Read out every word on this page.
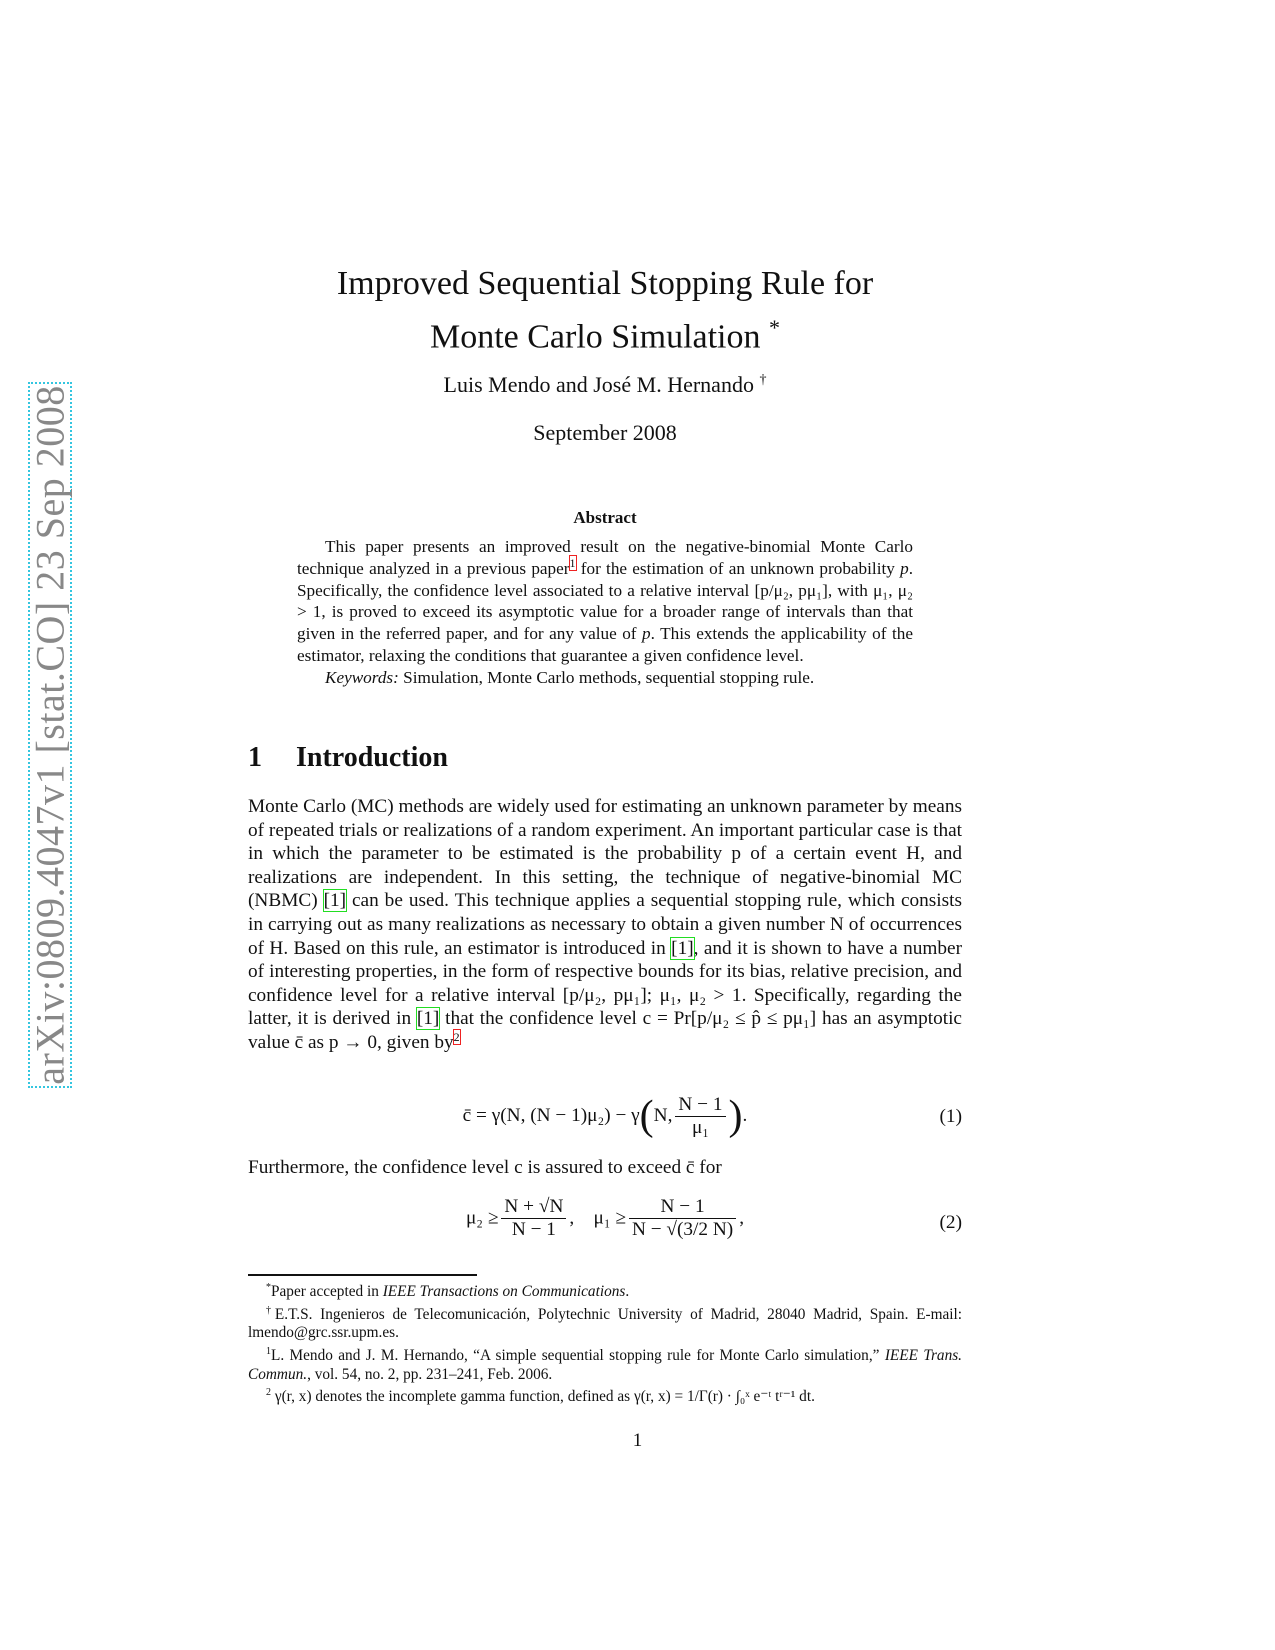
arXiv:0809.4047v1 [stat.CO] 23 Sep 2008
Improved Sequential Stopping Rule for
Monte Carlo Simulation *
Luis Mendo and José M. Hernando †
September 2008
Abstract

This paper presents an improved result on the negative-binomial Monte Carlo technique analyzed in a previous paper$^1$ for the estimation of an unknown probability p. Specifically, the confidence level associated to a relative interval [p/μ₂, pμ₁], with μ₁, μ₂ > 1, is proved to exceed its asymptotic value for a broader range of intervals than that given in the referred paper, and for any value of p. This extends the applicability of the estimator, relaxing the conditions that guarantee a given confidence level.

Keywords: Simulation, Monte Carlo methods, sequential stopping rule.

1 Introduction

Monte Carlo (MC) methods are widely used for estimating an unknown parameter by means of repeated trials or realizations of a random experiment. An important particular case is that in which the parameter to be estimated is the probability p of a certain event H, and realizations are independent. In this setting, the technique of negative-binomial MC (NBMC) [1] can be used. This technique applies a sequential stopping rule, which consists in carrying out as many realizations as necessary to obtain a given number N of occurrences of H. Based on this rule, an estimator is introduced in [1], and it is shown to have a number of interesting properties, in the form of respective bounds for its bias, relative precision, and confidence level for a relative interval [p/μ₂, pμ₁]; μ₁, μ₂ > 1. Specifically, regarding the latter, it is derived in [1] that the confidence level c = Pr[p/μ₂ ≤ p̂ ≤ pμ₁] has an asymptotic value c̄ as p → 0, given by$^2$

c̄ = γ(N, (N − 1)μ₂) − γ(N, $\frac{N - 1}{\text{μ₁}}$ ).	(1)
Furthermore, the confidence level c is assured to exceed c̄ for
$\mu_2 \ge \frac{N + √N}{N - 1}$ , $\mu_1 \ge \frac{N - 1}{N - √(3/2 N)}$ ,	(2)

*Paper accepted in IEEE Transactions on Communications.

†E.T.S. Ingenieros de Telecomunicación, Polytechnic University of Madrid, 28040 Madrid, Spain. E-mail: lmendo@grc.ssr.upm.es.

$^1$L. Mendo and J. M. Hernando, “A simple sequential stopping rule for Monte Carlo simulation,” IEEE Trans. Commun., vol. 54, no. 2, pp. 231–241, Feb. 2006.

$^2$ γ(r, x) denotes the incomplete gamma function, defined as γ(r, x) = 1/Γ(r) · ∫₀ˣ e⁻ᵗ tʳ⁻¹ dt.

1
